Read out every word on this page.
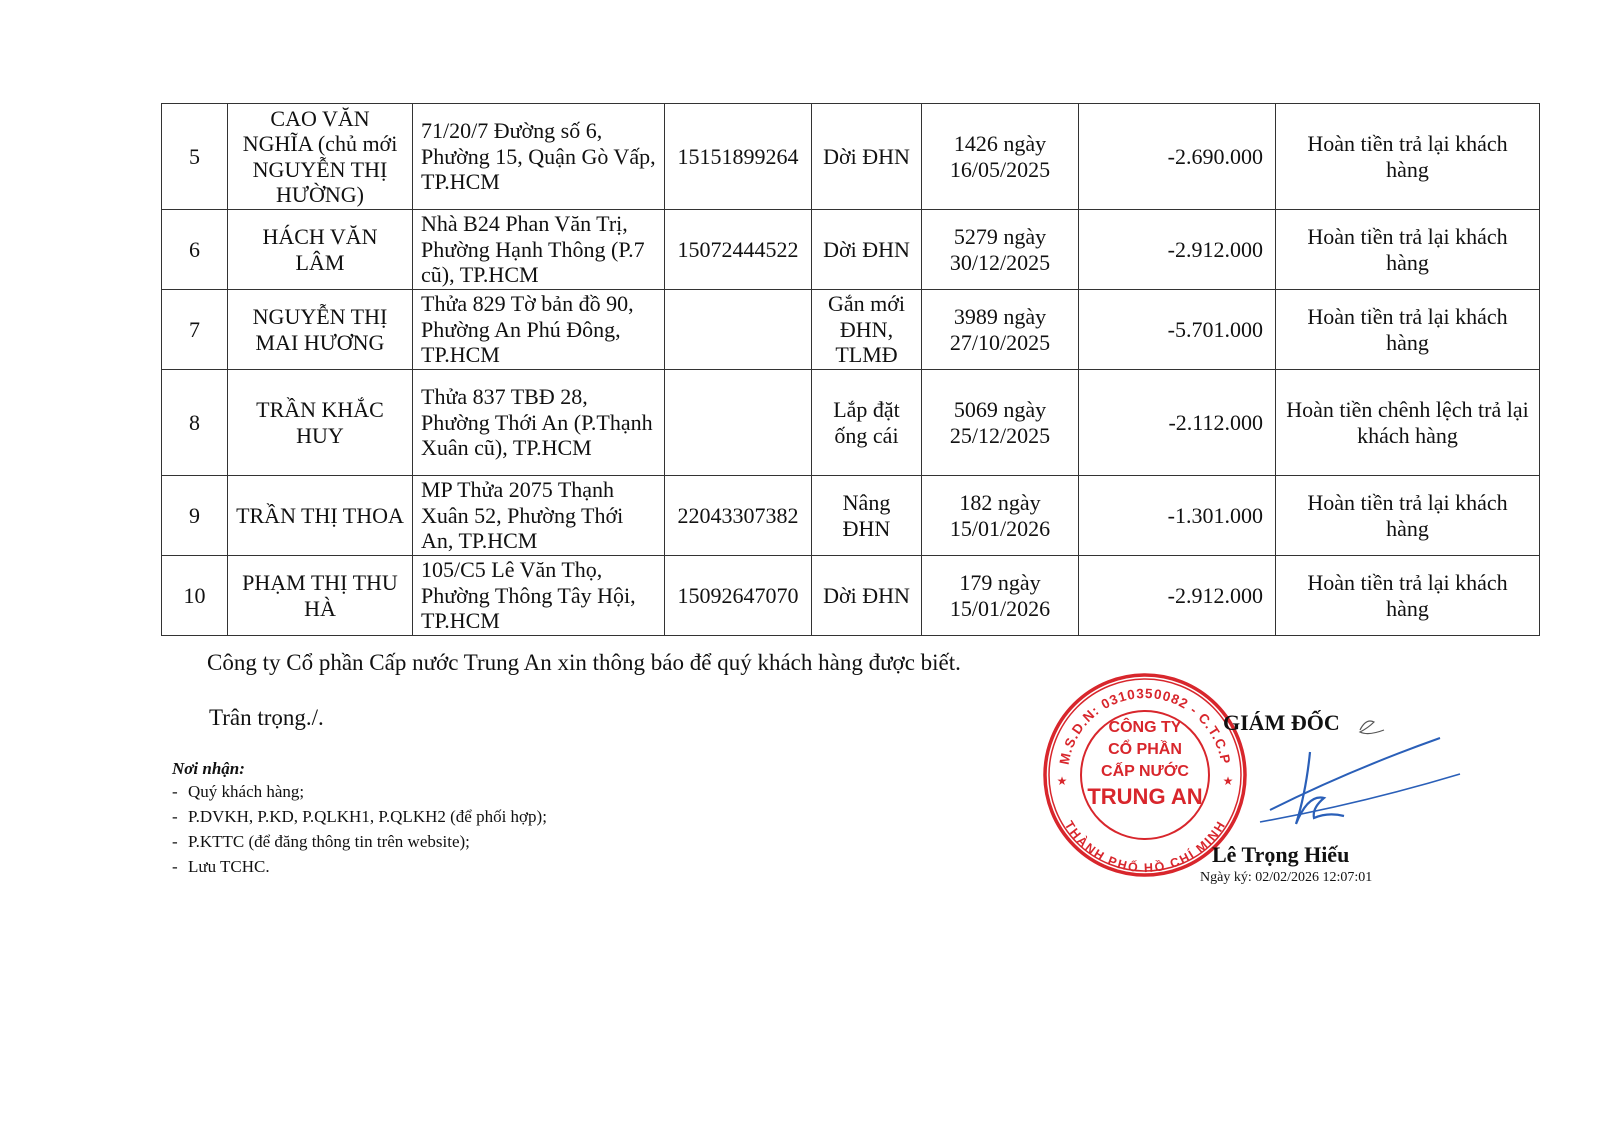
5	CAO VĂN NGHĨA (chủ mới NGUYỄN THỊ HƯỜNG)	71/20/7 Đường số 6, Phường 15, Quận Gò Vấp, TP.HCM	15151899264	Dời ĐHN	1426 ngày 16/05/2025	-2.690.000	Hoàn tiền trả lại khách hàng
6	HÁCH VĂN LÂM	Nhà B24 Phan Văn Trị, Phường Hạnh Thông (P.7 cũ), TP.HCM	15072444522	Dời ĐHN	5279 ngày 30/12/2025	-2.912.000	Hoàn tiền trả lại khách hàng
7	NGUYỄN THỊ MAI HƯƠNG	Thửa 829 Tờ bản đồ 90, Phường An Phú Đông, TP.HCM		Gắn mới ĐHN, TLMĐ	3989 ngày 27/10/2025	-5.701.000	Hoàn tiền trả lại khách hàng
8	TRẦN KHẮC HUY	Thửa 837 TBĐ 28, Phường Thới An (P.Thạnh Xuân cũ), TP.HCM		Lắp đặt ống cái	5069 ngày 25/12/2025	-2.112.000	Hoàn tiền chênh lệch trả lại khách hàng
9	TRẦN THỊ THOA	MP Thửa 2075 Thạnh Xuân 52, Phường Thới An, TP.HCM	22043307382	Nâng ĐHN	182 ngày 15/01/2026	-1.301.000	Hoàn tiền trả lại khách hàng
10	PHẠM THỊ THU HÀ	105/C5 Lê Văn Thọ, Phường Thông Tây Hội, TP.HCM	15092647070	Dời ĐHN	179 ngày 15/01/2026	-2.912.000	Hoàn tiền trả lại khách hàng
Công ty Cổ phần Cấp nước Trung An xin thông báo để quý khách hàng được biết.
Trân trọng./.
Nơi nhận:
- Quý khách hàng;
- P.DVKH, P.KD, P.QLKH1, P.QLKH2 (để phối hợp);
- P.KTTC (để đăng thông tin trên website);
- Lưu TCHC.
M.S.D.N: 0310350082 - C.T.C.P
THÀNH PHỐ HỒ CHÍ MINH
★	★
CÔNG TY
CỔ PHẦN
CẤP NƯỚC
TRUNG AN
GIÁM ĐỐC
Lê Trọng Hiếu
Ngày ký: 02/02/2026 12:07:01
